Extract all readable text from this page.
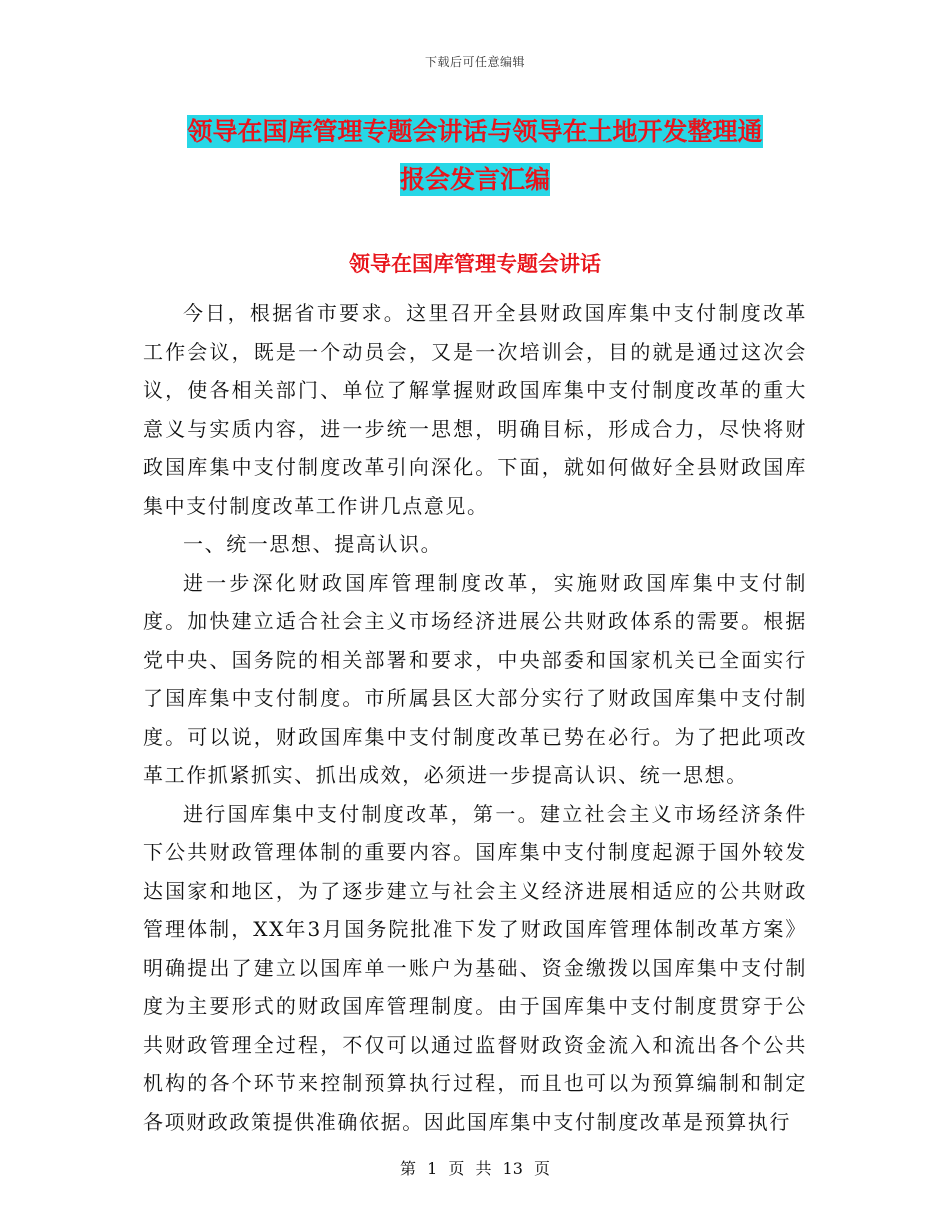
下载后可任意编辑
领导在国库管理专题会讲话与领导在土地开发整理通
报会发言汇编
领导在国库管理专题会讲话

今日，根据省市要求。这里召开全县财政国库集中支付制度改革工作会议，既是一个动员会，又是一次培训会，目的就是通过这次会议，使各相关部门、单位了解掌握财政国库集中支付制度改革的重大意义与实质内容，进一步统一思想，明确目标，形成合力，尽快将财政国库集中支付制度改革引向深化。下面，就如何做好全县财政国库集中支付制度改革工作讲几点意见。

一、统一思想、提高认识。

进一步深化财政国库管理制度改革，实施财政国库集中支付制度。加快建立适合社会主义市场经济进展公共财政体系的需要。根据党中央、国务院的相关部署和要求，中央部委和国家机关已全面实行了国库集中支付制度。市所属县区大部分实行了财政国库集中支付制度。可以说，财政国库集中支付制度改革已势在必行。为了把此项改革工作抓紧抓实、抓出成效，必须进一步提高认识、统一思想。

进行国库集中支付制度改革，第一。建立社会主义市场经济条件下公共财政管理体制的重要内容。国库集中支付制度起源于国外较发达国家和地区，为了逐步建立与社会主义经济进展相适应的公共财政管理体制，XX年3月国务院批准下发了财政国库管理体制改革方案》明确提出了建立以国库单一账户为基础、资金缴拨以国库集中支付制度为主要形式的财政国库管理制度。由于国库集中支付制度贯穿于公共财政管理全过程，不仅可以通过监督财政资金流入和流出各个公共机构的各个环节来控制预算执行过程，而且也可以为预算编制和制定各项财政政策提供准确依据。因此国库集中支付制度改革是预算执行

第 1 页 共 13 页
